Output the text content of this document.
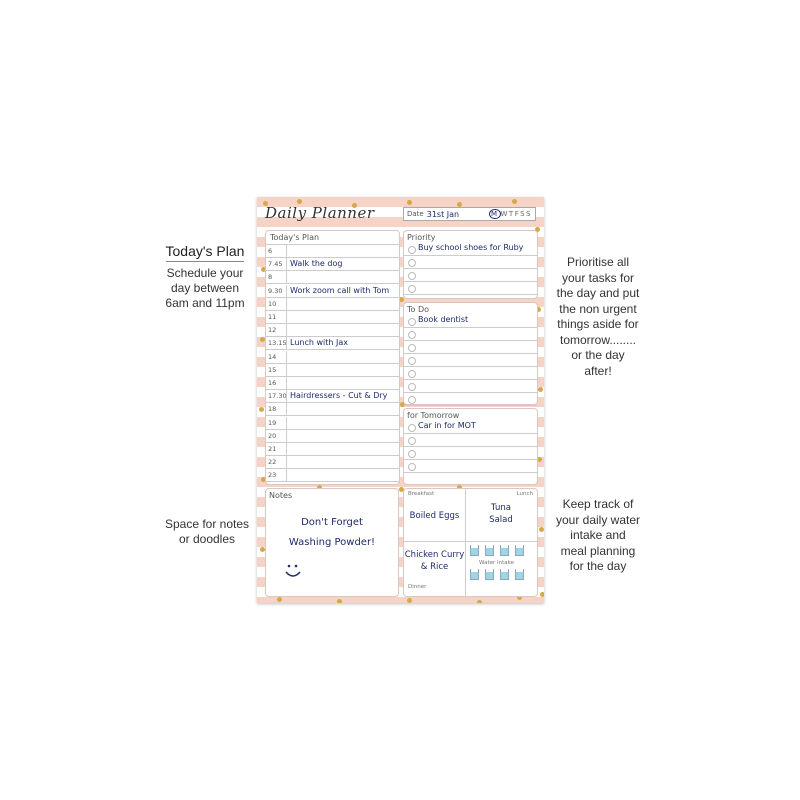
Today's Plan
Schedule your
day between
6am and 11pm
Prioritise all
your tasks for
the day and put
the non urgent
things aside for
tomorrow........
or the day
after!
Space for notes
or doodles
Keep track of
your daily water
intake and
meal planning
for the day
Daily Planner	Date 31st Jan	M WTFSS
Today's Plan
6
7.45 Walk the dog
8
9.30 Work zoom call with Tom
10
11
12
13.15 Lunch with Jax
14
15
16
17.30 Hairdressers - Cut & Dry
18
19
20
21
22
23
Priority
Buy school shoes for Ruby
To Do
Book dentist
for Tomorrow
Car in for MOT
Notes
Don't Forget
Washing Powder!
Breakfast
Boiled Eggs
Lunch
Tuna
Salad
Chicken Curry
& Rice
Dinner
Water Intake
